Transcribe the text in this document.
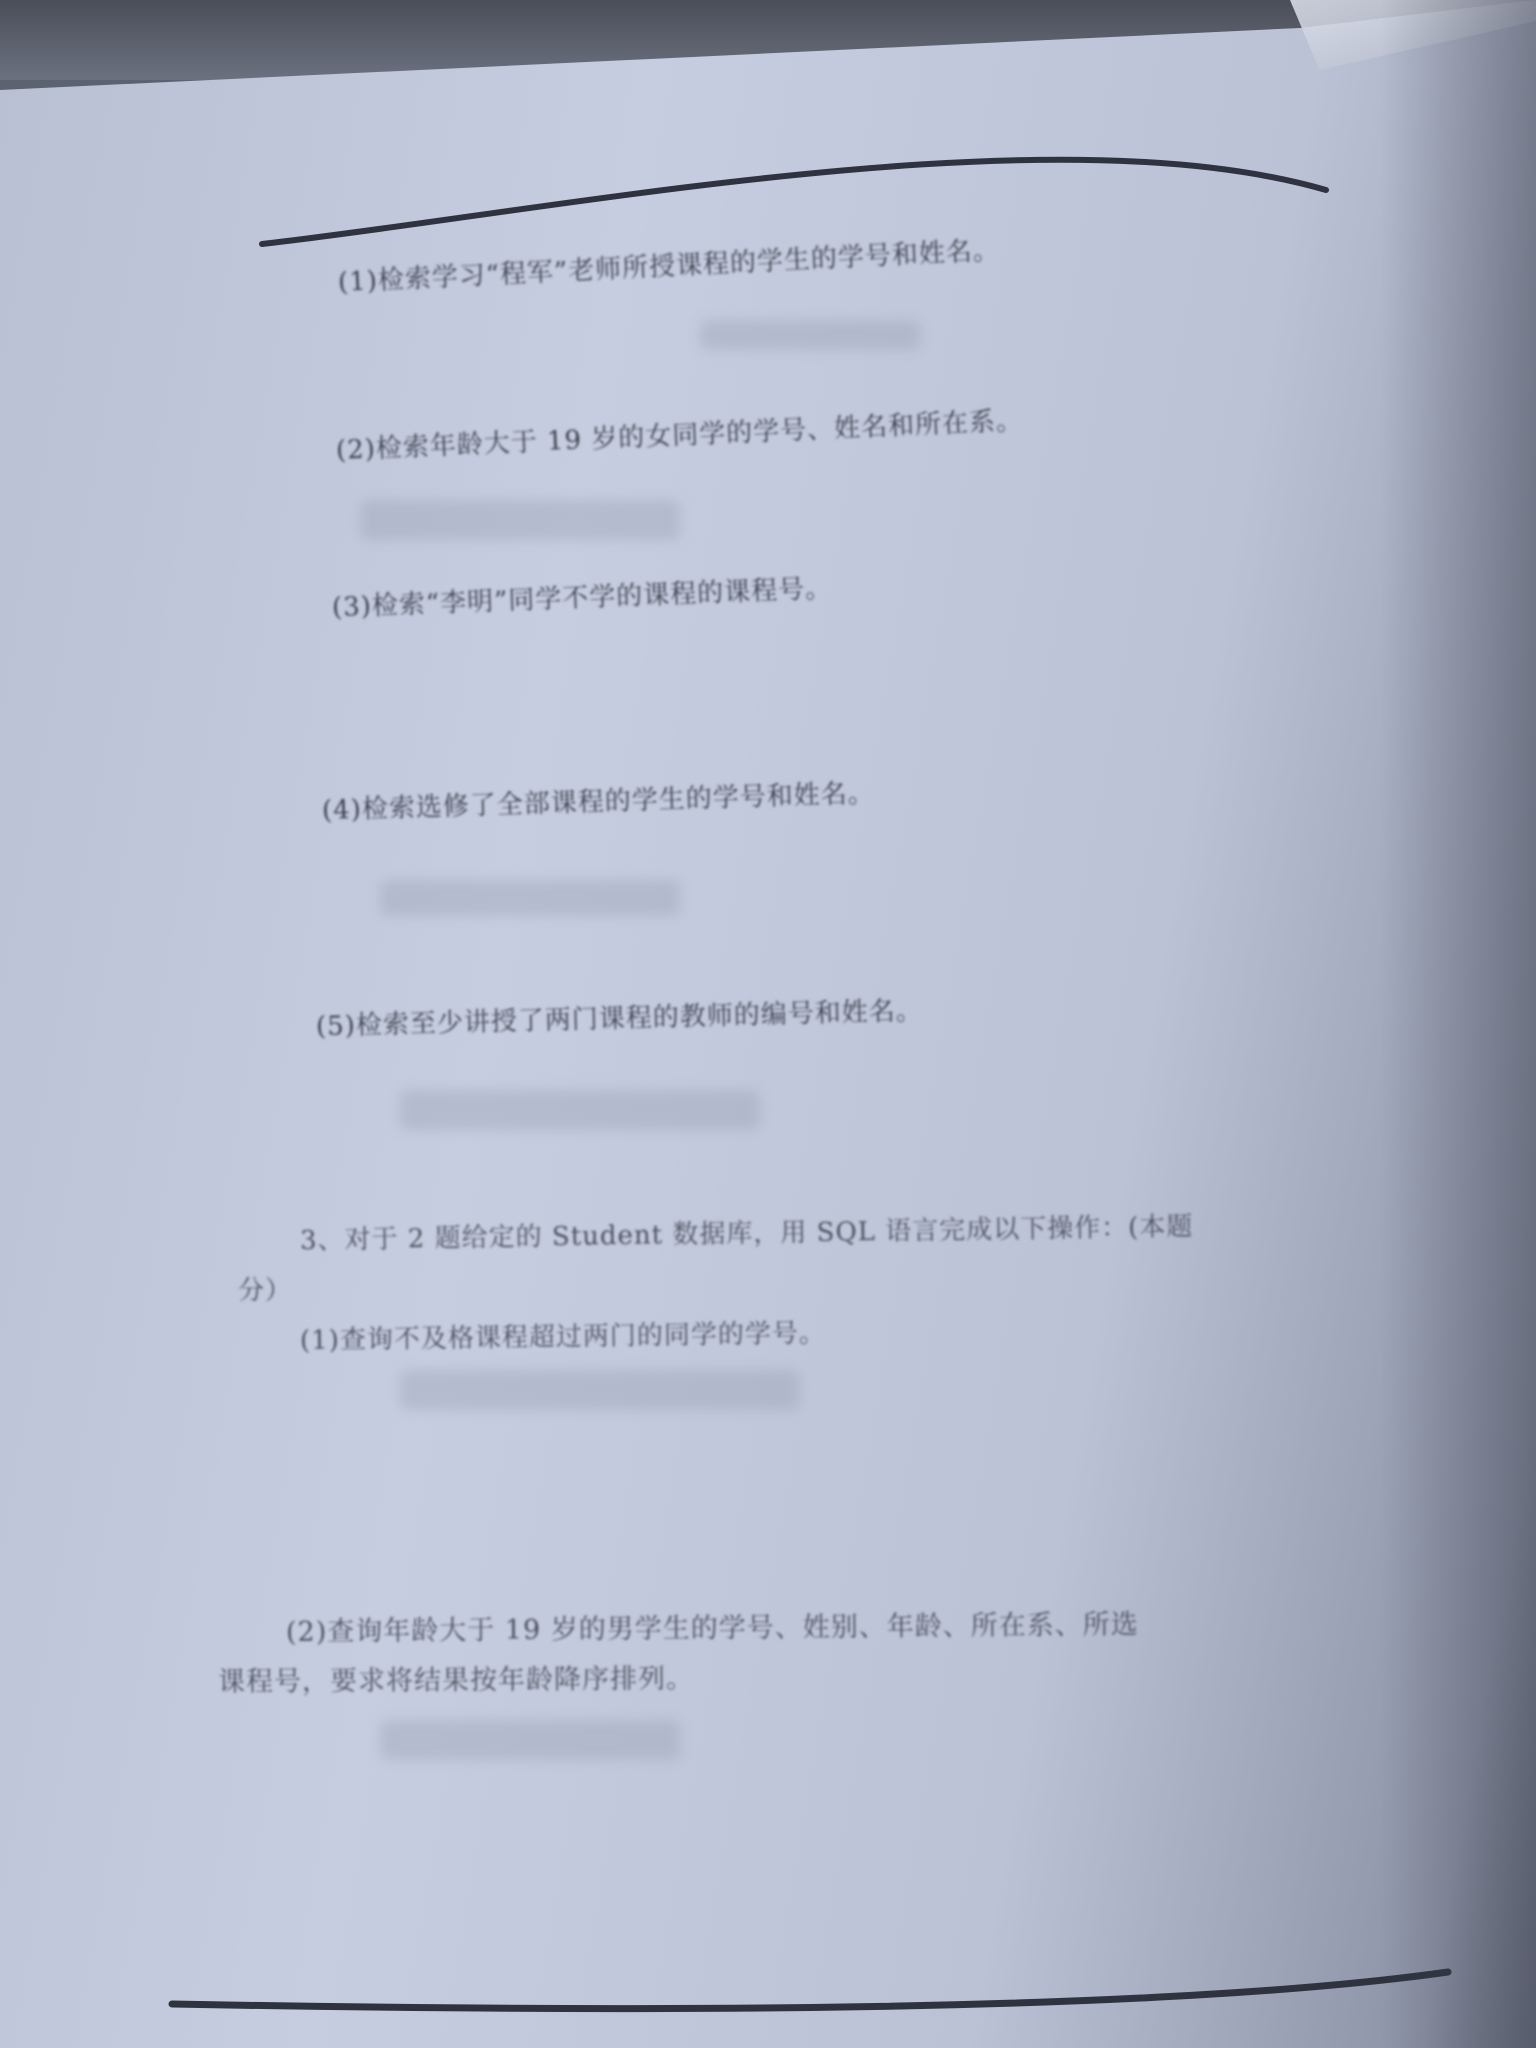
(1)检索学习“程军”老师所授课程的学生的学号和姓名。

(2)检索年龄大于 19 岁的女同学的学号、姓名和所在系。

(3)检索“李明”同学不学的课程的课程号。

(4)检索选修了全部课程的学生的学号和姓名。

(5)检索至少讲授了两门课程的教师的编号和姓名。

3、对于 2 题给定的 Student 数据库，用 SQL 语言完成以下操作：(本题

分）

(1)查询不及格课程超过两门的同学的学号。

(2)查询年龄大于 19 岁的男学生的学号、姓别、年龄、所在系、所选

课程号，要求将结果按年龄降序排列。
